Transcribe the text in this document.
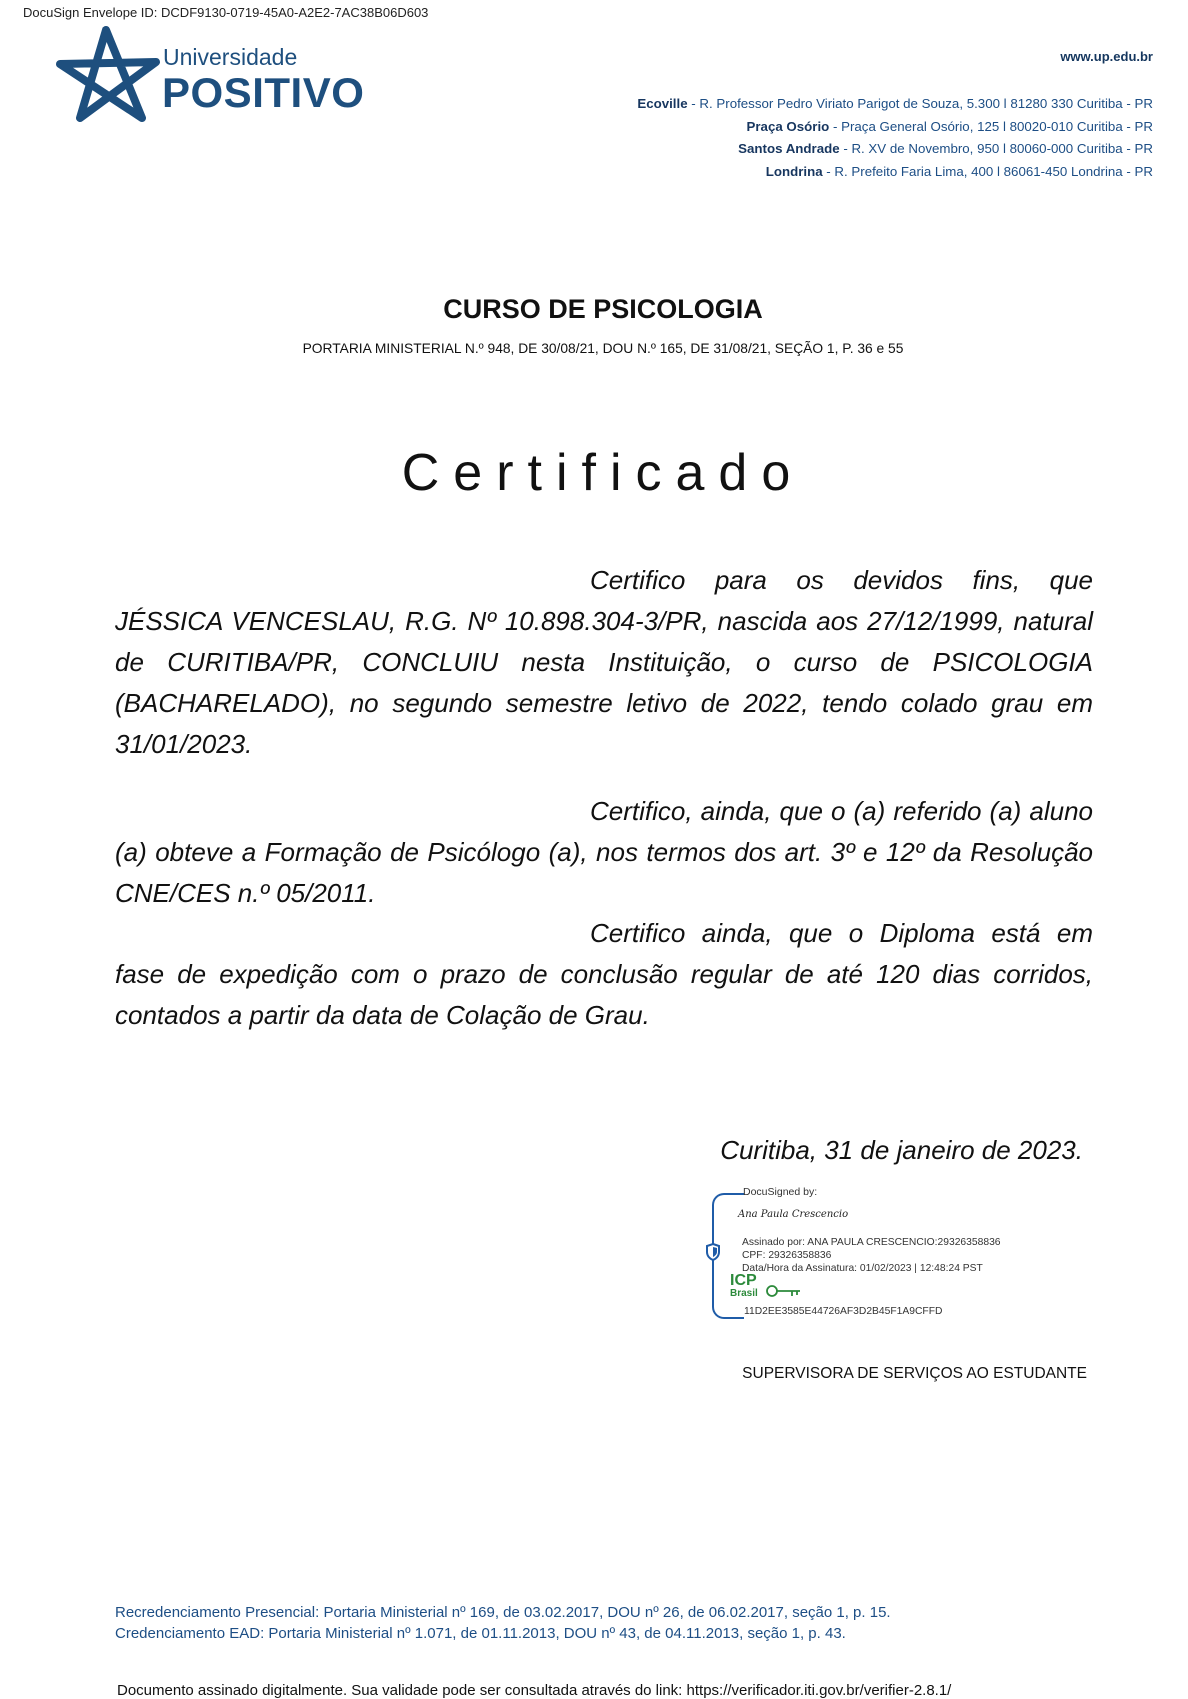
DocuSign Envelope ID: DCDF9130-0719-45A0-A2E2-7AC38B06D603
Universidade
POSITIVO
www.up.edu.br
Ecoville - R. Professor Pedro Viriato Parigot de Souza, 5.300 l 81280 330 Curitiba - PR
Praça Osório - Praça General Osório, 125 l 80020-010 Curitiba - PR
Santos Andrade - R. XV de Novembro, 950 l 80060-000 Curitiba - PR
Londrina - R. Prefeito Faria Lima, 400 l 86061-450 Londrina - PR
CURSO DE PSICOLOGIA
PORTARIA MINISTERIAL N.º 948, DE 30/08/21, DOU N.º 165, DE 31/08/21, SEÇÃO 1, P. 36 e 55
Certificado

Certifico para os devidos fins, que JÉSSICA VENCESLAU, R.G. Nº 10.898.304-3/PR, nascida aos 27/12/1999, natural de CURITIBA/PR, CONCLUIU nesta Instituição, o curso de PSICOLOGIA (BACHARELADO), no segundo semestre letivo de 2022, tendo colado grau em 31/01/2023.

Certifico, ainda, que o (a) referido (a) aluno (a) obteve a Formação de Psicólogo (a), nos termos dos art. 3º e 12º da Resolução CNE/CES n.º 05/2011.

Certifico ainda, que o Diploma está em fase de expedição com o prazo de conclusão regular de até 120 dias corridos, contados a partir da data de Colação de Grau.

Curitiba, 31 de janeiro de 2023.
DocuSigned by:
Ana Paula Crescencio
Assinado por: ANA PAULA CRESCENCIO:29326358836
CPF: 29326358836
Data/Hora da Assinatura: 01/02/2023 | 12:48:24 PST
ICP
Brasil
11D2EE3585E44726AF3D2B45F1A9CFFD
SUPERVISORA DE SERVIÇOS AO ESTUDANTE
Recredenciamento Presencial: Portaria Ministerial nº 169, de 03.02.2017, DOU nº 26, de 06.02.2017, seção 1, p. 15.
Credenciamento EAD: Portaria Ministerial nº 1.071, de 01.11.2013, DOU nº 43, de 04.11.2013, seção 1, p. 43.
Documento assinado digitalmente. Sua validade pode ser consultada através do link: https://verificador.iti.gov.br/verifier-2.8.1/
